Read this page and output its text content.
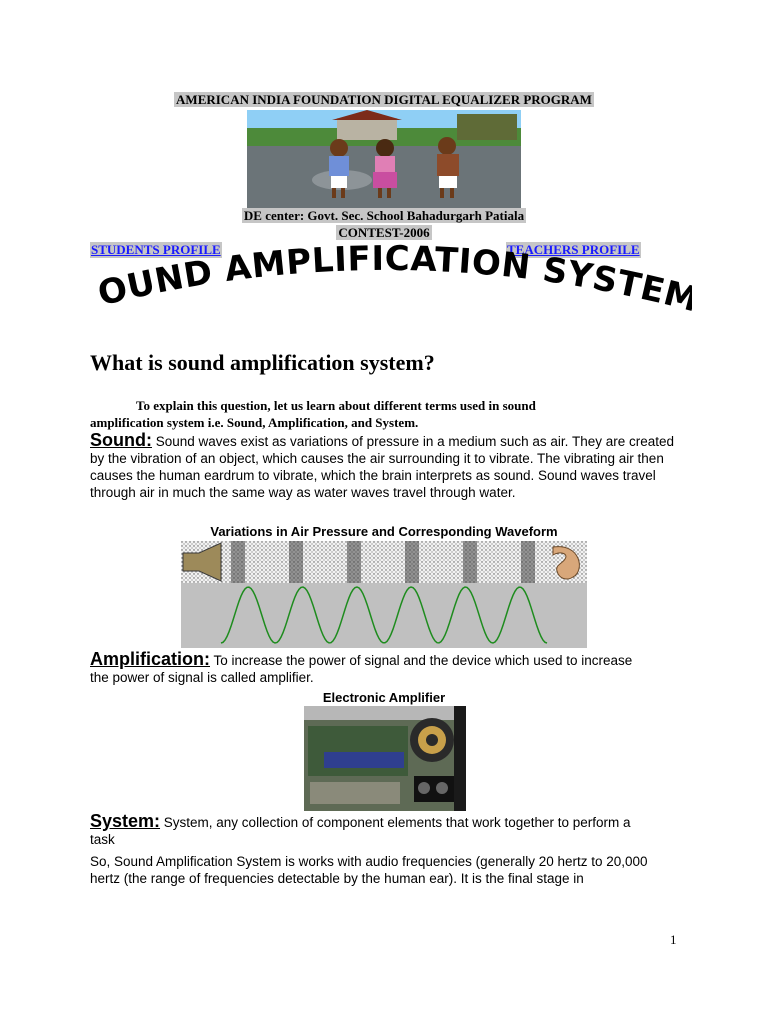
AMERICAN INDIA FOUNDATION DIGITAL EQUALIZER PROGRAM
DE center: Govt. Sec. School Bahadurgarh Patiala
CONTEST-2006
STUDENTS PROFILE	TEACHERS PROFILE
OUND AMPLIFICATION SYSTE
What is sound amplification system?
To explain this question, let us learn about different terms used in sound amplification system i.e. Sound, Amplification, and System.
Sound: Sound waves exist as variations of pressure in a medium such as air. They are created by the vibration of an object, which causes the air surrounding it to vibrate. The vibrating air then causes the human eardrum to vibrate, which the brain interprets as sound. Sound waves travel through air in much the same way as water waves travel through water.
Variations in Air Pressure and Corresponding Waveform
Amplification: To increase the power of signal and the device which used to increase the power of signal is called amplifier.
Electronic Amplifier
System: System, any collection of component elements that work together to perform a task
So, Sound Amplification System is works with audio frequencies (generally 20 hertz to 20,000 hertz (the range of frequencies detectable by the human ear). It is the final stage in
1
